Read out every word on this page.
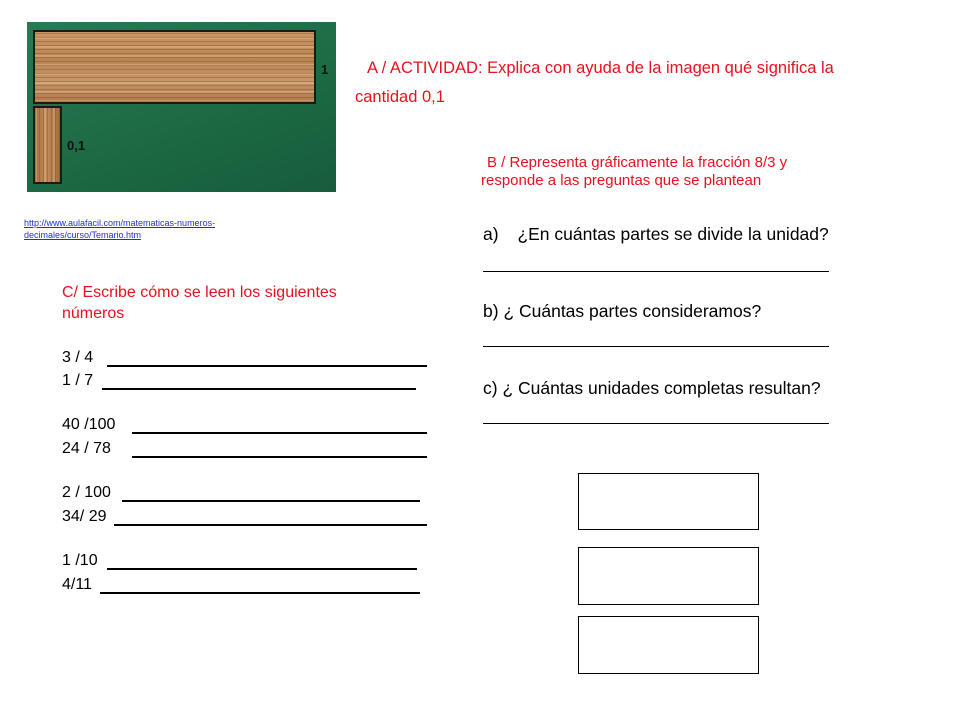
1
0,1
http://www.aulafacil.com/matematicas-numeros-decimales/curso/Temario.htm
A / ACTIVIDAD: Explica con ayuda de la imagen qué significa la
cantidad 0,1
B / Representa gráficamente la fracción 8/3 y
responde a las preguntas que se plantean
a) ¿En cuántas partes se divide la unidad?
b) ¿ Cuántas partes consideramos?
c) ¿ Cuántas unidades completas resultan?
C/ Escribe cómo se leen los siguientes
números
3 / 4
1 / 7
40 /100
24 / 78
2 / 100
34/ 29
1 /10
4/11
